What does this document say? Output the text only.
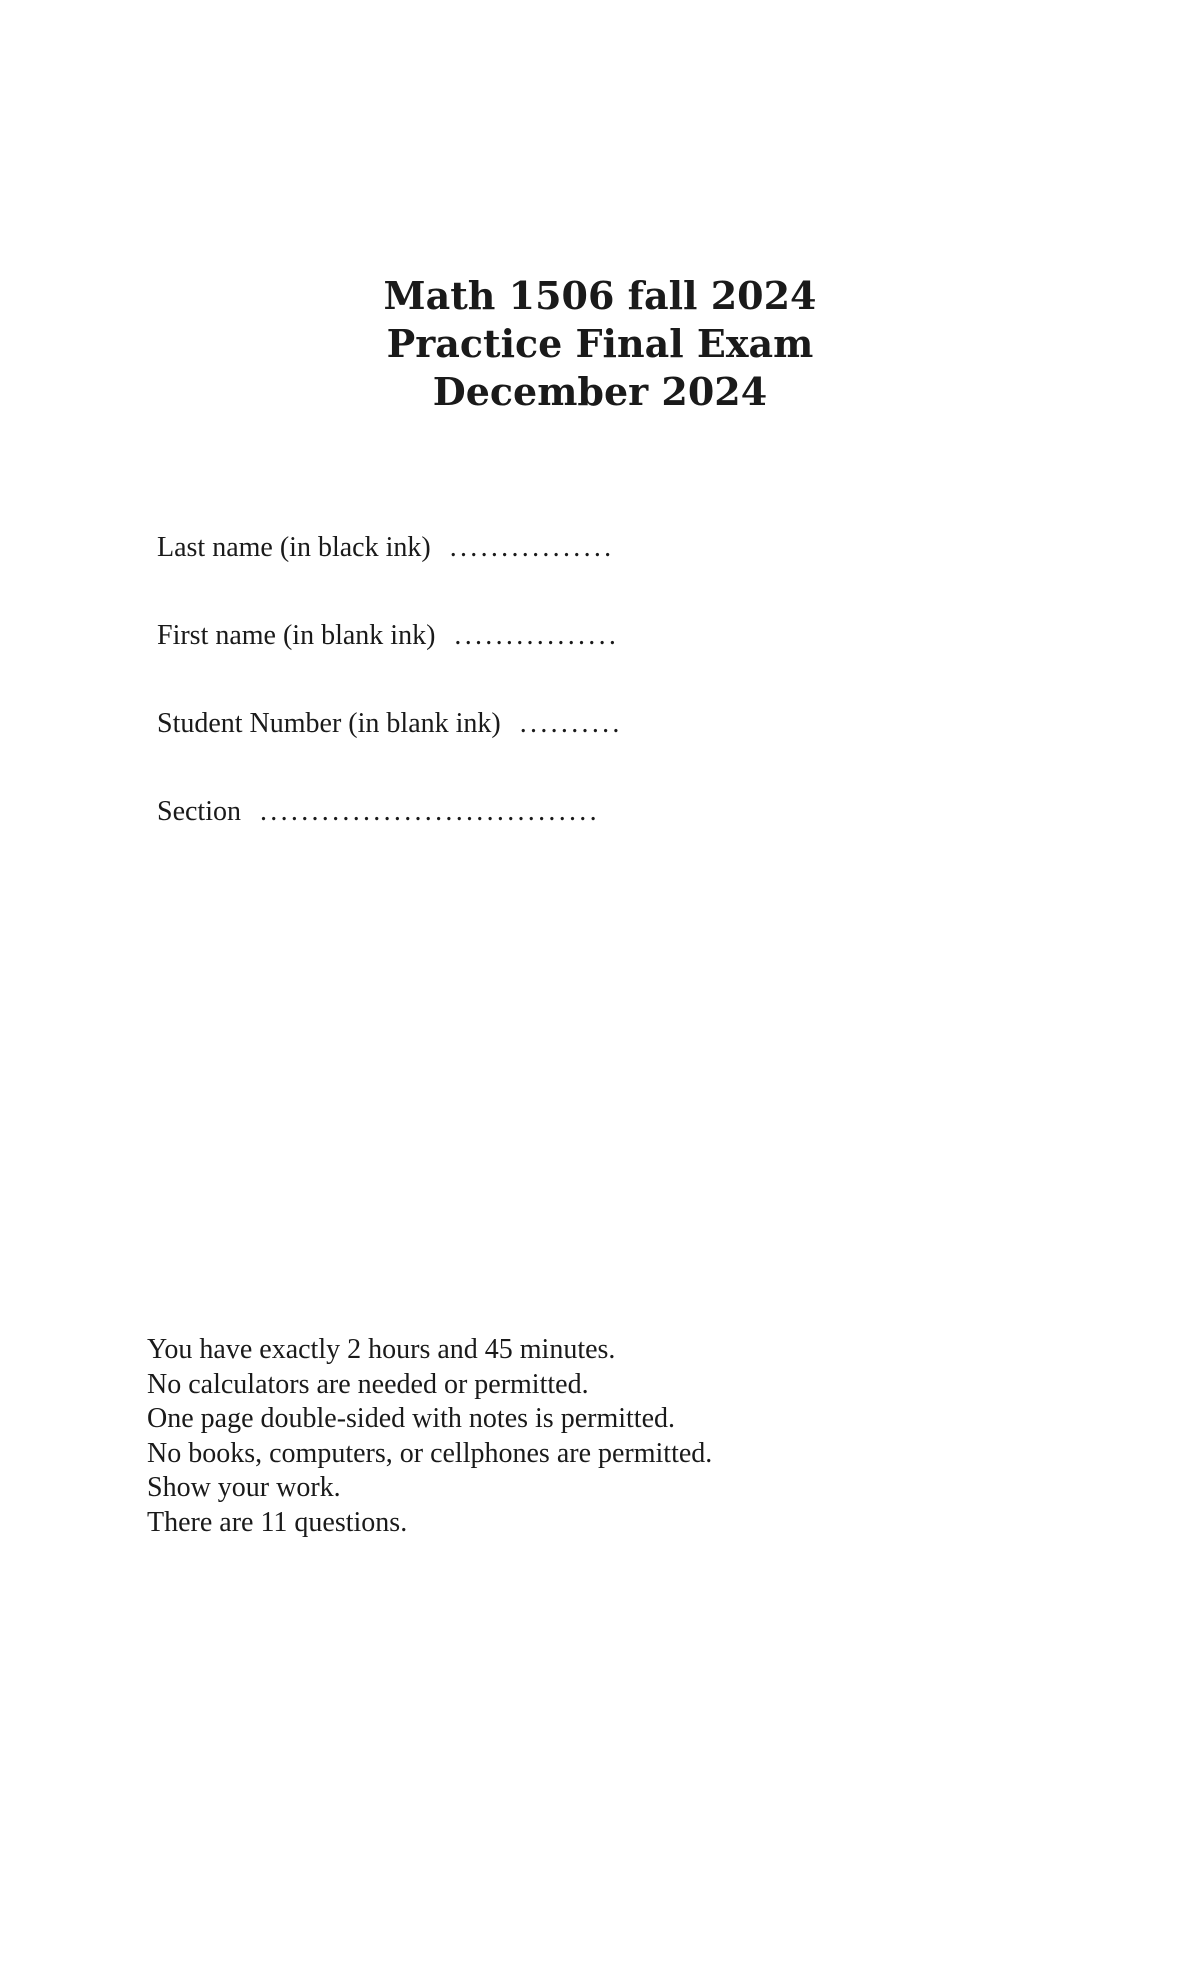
Math 1506 fall 2024
Practice Final Exam
December 2024
Last name (in black ink) ................
First name (in blank ink) ................
Student Number (in blank ink) ..........
Section .................................
You have exactly 2 hours and 45 minutes.
No calculators are needed or permitted.
One page double-sided with notes is permitted.
No books, computers, or cellphones are permitted.
Show your work.
There are 11 questions.
